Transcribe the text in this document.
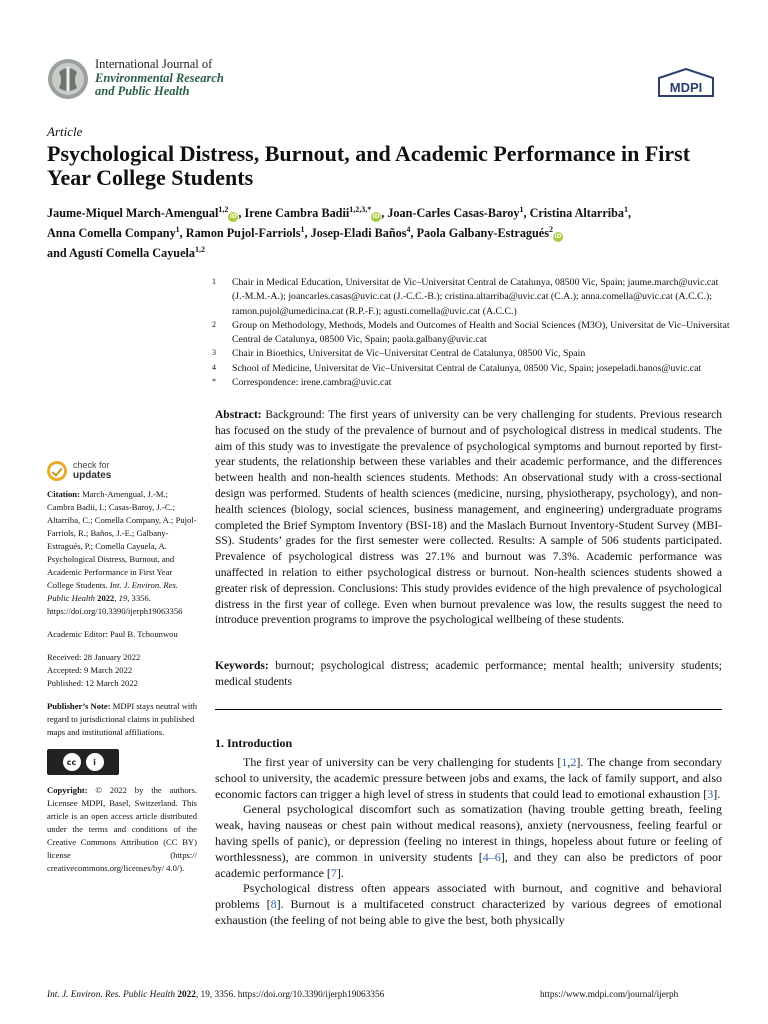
International Journal of
Environmental Research
and Public Health	MDPI
Article
Psychological Distress, Burnout, and Academic Performance in First Year College Students
Jaume-Miquel March-Amengual$^{1,2}$iD, Irene Cambra Badii$^{1,2,3,*}$iD, Joan-Carles Casas-Baroy$^1$, Cristina Altarriba$^1$,
Anna Comella Company$^1$, Ramon Pujol-Farriols$^1$, Josep-Eladi Baños$^4$, Paola Galbany-Estragués$^2$iD
and Agustí Comella Cayuela$^{1,2}$
1	Chair in Medical Education, Universitat de Vic–Universitat Central de Catalunya, 08500 Vic, Spain; jaume.march@uvic.cat (J.-M.M.-A.); joancarles.casas@uvic.cat (J.-C.C.-B.); cristina.altarriba@uvic.cat (C.A.); anna.comella@uvic.cat (A.C.C.); ramon.pujol@umedicina.cat (R.P.-F.); agusti.comella@uvic.cat (A.C.C.)
2	Group on Methodology, Methods, Models and Outcomes of Health and Social Sciences (M3O), Universitat de Vic–Universitat Central de Catalunya, 08500 Vic, Spain; paola.galbany@uvic.cat
3	Chair in Bioethics, Universitat de Vic–Universitat Central de Catalunya, 08500 Vic, Spain
4	School of Medicine, Universitat de Vic–Universitat Central de Catalunya, 08500 Vic, Spain; josepeladi.banos@uvic.cat
*	Correspondence: irene.cambra@uvic.cat
check for
updates

Citation: March-Amengual, J.-M.; Cambra Badii, I.; Casas-Baroy, J.-C.; Altarriba, C.; Comella Company, A.; Pujol-Farriols, R.; Baños, J.-E.; Galbany-Estragués, P.; Comella Cayuela, A. Psychological Distress, Burnout, and Academic Performance in First Year College Students. Int. J. Environ. Res. Public Health 2022, 19, 3356. https://doi.org/10.3390/ijerph19063356

Academic Editor: Paul B. Tchounwou

Received: 28 January 2022
Accepted: 9 March 2022
Published: 12 March 2022

Publisher’s Note: MDPI stays neutral with regard to jurisdictional claims in published maps and institutional affiliations.

cc	i

Copyright: © 2022 by the authors. Licensee MDPI, Basel, Switzerland. This article is an open access article distributed under the terms and conditions of the Creative Commons Attribution (CC BY) license (https:// creativecommons.org/licenses/by/ 4.0/).

Abstract: Background: The first years of university can be very challenging for students. Previous research has focused on the study of the prevalence of burnout and of psychological distress in medical students. The aim of this study was to investigate the prevalence of psychological symptoms and burnout reported by first-year students, the relationship between these variables and their academic performance, and the differences between health and non-health sciences students. Methods: An observational study with a cross-sectional design was performed. Students of health sciences (medicine, nursing, physiotherapy, psychology), and non-health sciences (biology, social sciences, business management, and engineering) undergraduate programs completed the Brief Symptom Inventory (BSI-18) and the Maslach Burnout Inventory-Student Survey (MBI-SS). Students’ grades for the first semester were collected. Results: A sample of 506 students participated. Prevalence of psychological distress was 27.1% and burnout was 7.3%. Academic performance was unaffected in relation to either psychological distress or burnout. Non-health sciences students showed a greater risk of depression. Conclusions: This study provides evidence of the high prevalence of psychological distress in the first year of college. Even when burnout prevalence was low, the results suggest the need to introduce prevention programs to improve the psychological wellbeing of these students.
Keywords: burnout; psychological distress; academic performance; mental health; university students; medical students
1. Introduction

The first year of university can be very challenging for students [1,2]. The change from secondary school to university, the academic pressure between jobs and exams, the lack of family support, and also economic factors can trigger a high level of stress in students that could lead to emotional exhaustion [3].

General psychological discomfort such as somatization (having trouble getting breath, feeling weak, having nauseas or chest pain without medical reasons), anxiety (nervousness, feeling fearful or having spells of panic), or depression (feeling no interest in things, hopeless about future or feeling of worthlessness), are common in university students [4–6], and they can also be predictors of poor academic performance [7].

Psychological distress often appears associated with burnout, and cognitive and behavioral problems [8]. Burnout is a multifaceted construct characterized by various degrees of emotional exhaustion (the feeling of not being able to give the best, both physically

Int. J. Environ. Res. Public Health 2022, 19, 3356. https://doi.org/10.3390/ijerph19063356	https://www.mdpi.com/journal/ijerph
